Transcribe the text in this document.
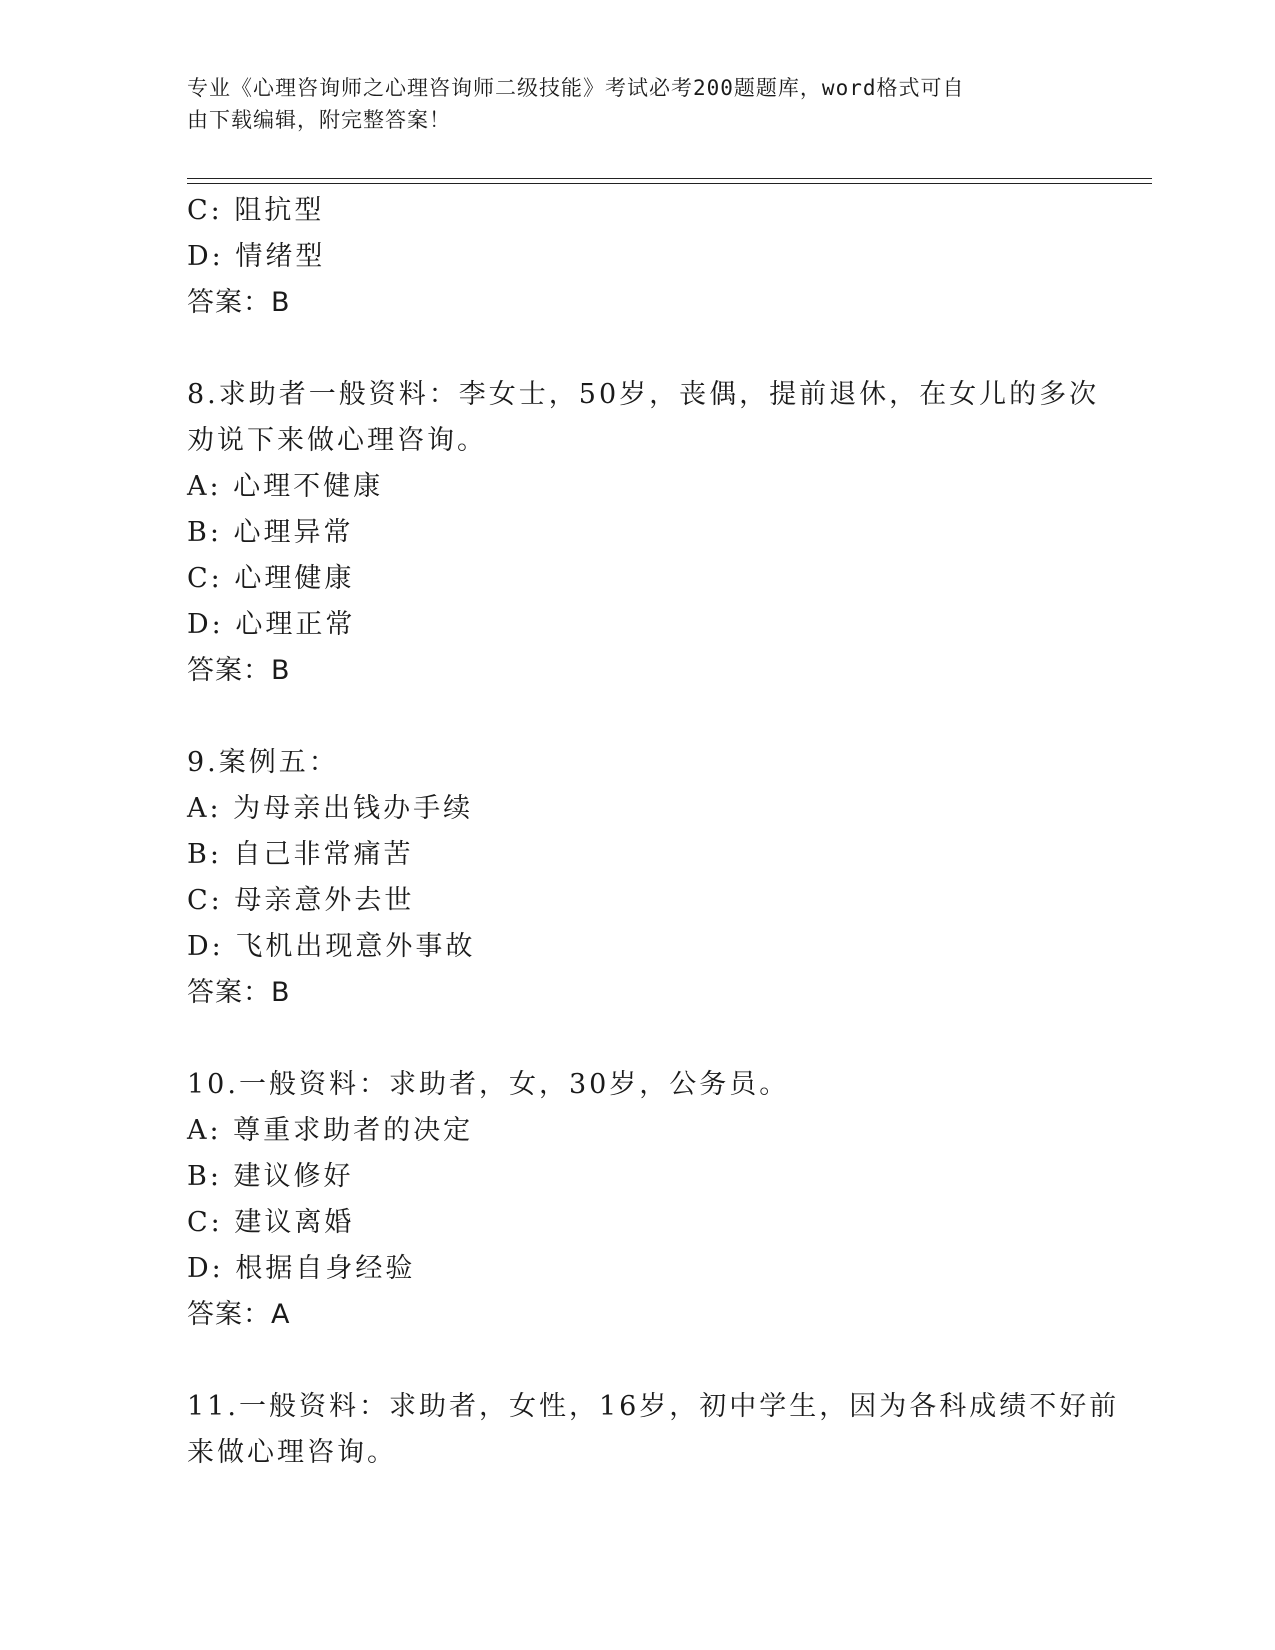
专业《心理咨询师之心理咨询师二级技能》考试必考200题题库，word格式可自
由下载编辑，附完整答案！
C: 阻抗型
D: 情绪型
答案：B
8.求助者一般资料：李女士，50岁，丧偶，提前退休，在女儿的多次
劝说下来做心理咨询。
A: 心理不健康
B: 心理异常
C: 心理健康
D: 心理正常
答案：B
9.案例五：
A: 为母亲出钱办手续
B: 自己非常痛苦
C: 母亲意外去世
D: 飞机出现意外事故
答案：B
10.一般资料：求助者，女，30岁，公务员。
A: 尊重求助者的决定
B: 建议修好
C: 建议离婚
D: 根据自身经验
答案：A
11.一般资料：求助者，女性，16岁，初中学生，因为各科成绩不好前
来做心理咨询。
